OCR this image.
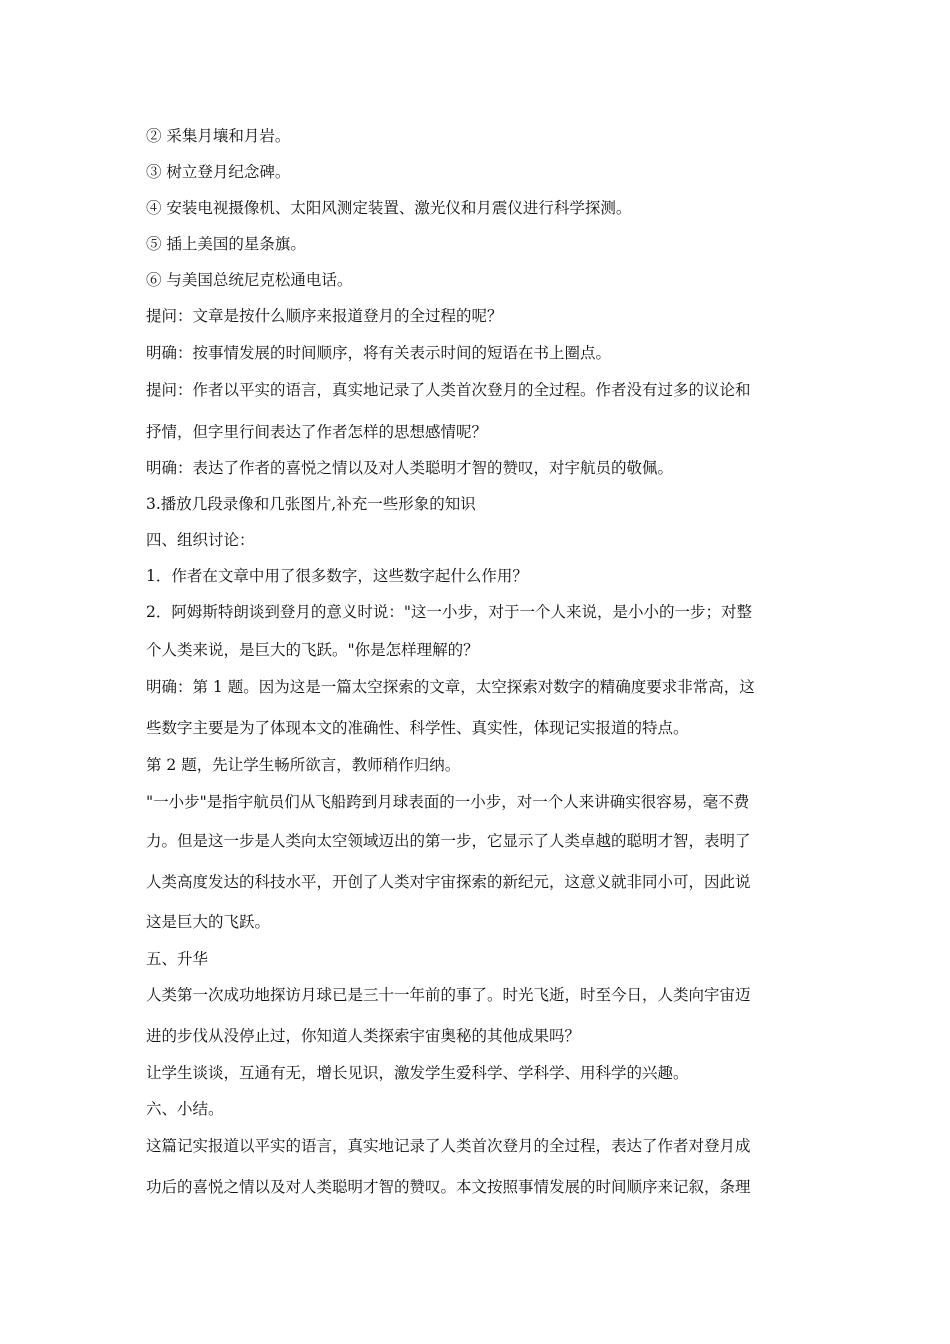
② 采集月壤和月岩。
③ 树立登月纪念碑。
④ 安装电视摄像机、太阳风测定装置、激光仪和月震仪进行科学探测。
⑤ 插上美国的星条旗。
⑥ 与美国总统尼克松通电话。
提问：文章是按什么顺序来报道登月的全过程的呢？
明确：按事情发展的时间顺序，将有关表示时间的短语在书上圈点。
提问：作者以平实的语言，真实地记录了人类首次登月的全过程。作者没有过多的议论和
抒情，但字里行间表达了作者怎样的思想感情呢？
明确：表达了作者的喜悦之情以及对人类聪明才智的赞叹，对宇航员的敬佩。
3.播放几段录像和几张图片,补充一些形象的知识
四、组织讨论：
1．作者在文章中用了很多数字，这些数字起什么作用？
2．阿姆斯特朗谈到登月的意义时说："这一小步，对于一个人来说，是小小的一步；对整
个人类来说，是巨大的飞跃。"你是怎样理解的？
明确：第 1 题。因为这是一篇太空探索的文章，太空探索对数字的精确度要求非常高，这
些数字主要是为了体现本文的准确性、科学性、真实性，体现记实报道的特点。
第 2 题，先让学生畅所欲言，教师稍作归纳。
"一小步"是指宇航员们从飞船跨到月球表面的一小步，对一个人来讲确实很容易，毫不费
力。但是这一步是人类向太空领域迈出的第一步，它显示了人类卓越的聪明才智，表明了
人类高度发达的科技水平，开创了人类对宇宙探索的新纪元，这意义就非同小可，因此说
这是巨大的飞跃。
五、升华
人类第一次成功地探访月球已是三十一年前的事了。时光飞逝，时至今日，人类向宇宙迈
进的步伐从没停止过，你知道人类探索宇宙奥秘的其他成果吗？
让学生谈谈，互通有无，增长见识，激发学生爱科学、学科学、用科学的兴趣。
六、小结。
这篇记实报道以平实的语言，真实地记录了人类首次登月的全过程，表达了作者对登月成
功后的喜悦之情以及对人类聪明才智的赞叹。本文按照事情发展的时间顺序来记叙，条理
